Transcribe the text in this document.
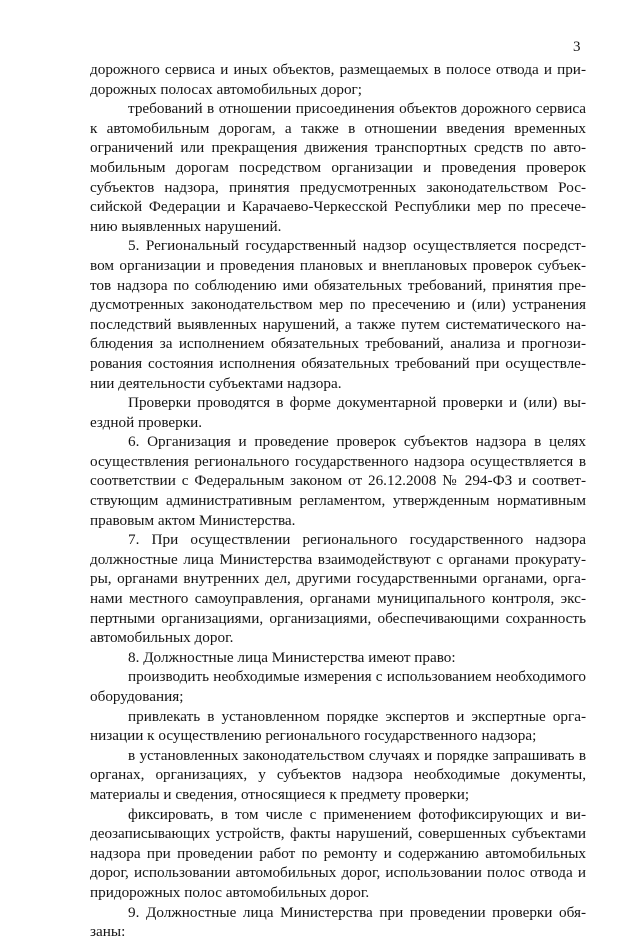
3

дорожного сервиса и иных объектов, размещаемых в полосе отвода и придорожных полосах автомобильных дорог;

требований в отношении присоединения объектов дорожного сервиса к автомобильным дорогам, а также в отношении введения временных ограничений или прекращения движения транспортных средств по автомобильным дорогам посредством организации и проведения проверок субъектов надзора, принятия предусмотренных законодательством Российской Федерации и Карачаево-Черкесской Республики мер по пресечению выявленных нарушений.

5. Региональный государственный надзор осуществляется посредством организации и проведения плановых и внеплановых проверок субъектов надзора по соблюдению ими обязательных требований, принятия предусмотренных законодательством мер по пресечению и (или) устранения последствий выявленных нарушений, а также путем систематического наблюдения за исполнением обязательных требований, анализа и прогнозирования состояния исполнения обязательных требований при осуществлении деятельности субъектами надзора.

Проверки проводятся в форме документарной проверки и (или) выездной проверки.

6. Организация и проведение проверок субъектов надзора в целях осуществления регионального государственного надзора осуществляется в соответствии с Федеральным законом от 26.12.2008 № 294-ФЗ и соответствующим административным регламентом, утвержденным нормативным правовым актом Министерства.

7. При осуществлении регионального государственного надзора должностные лица Министерства взаимодействуют с органами прокуратуры, органами внутренних дел, другими государственными органами, органами местного самоуправления, органами муниципального контроля, экспертными организациями, организациями, обеспечивающими сохранность автомобильных дорог.

8. Должностные лица Министерства имеют право:

производить необходимые измерения с использованием необходимого оборудования;

привлекать в установленном порядке экспертов и экспертные организации к осуществлению регионального государственного надзора;

в установленных законодательством случаях и порядке запрашивать в органах, организациях, у субъектов надзора необходимые документы, материалы и сведения, относящиеся к предмету проверки;

фиксировать, в том числе с применением фотофиксирующих и видеозаписывающих устройств, факты нарушений, совершенных субъектами надзора при проведении работ по ремонту и содержанию автомобильных дорог, использовании автомобильных дорог, использовании полос отвода и придорожных полос автомобильных дорог.

9. Должностные лица Министерства при проведении проверки обязаны:
